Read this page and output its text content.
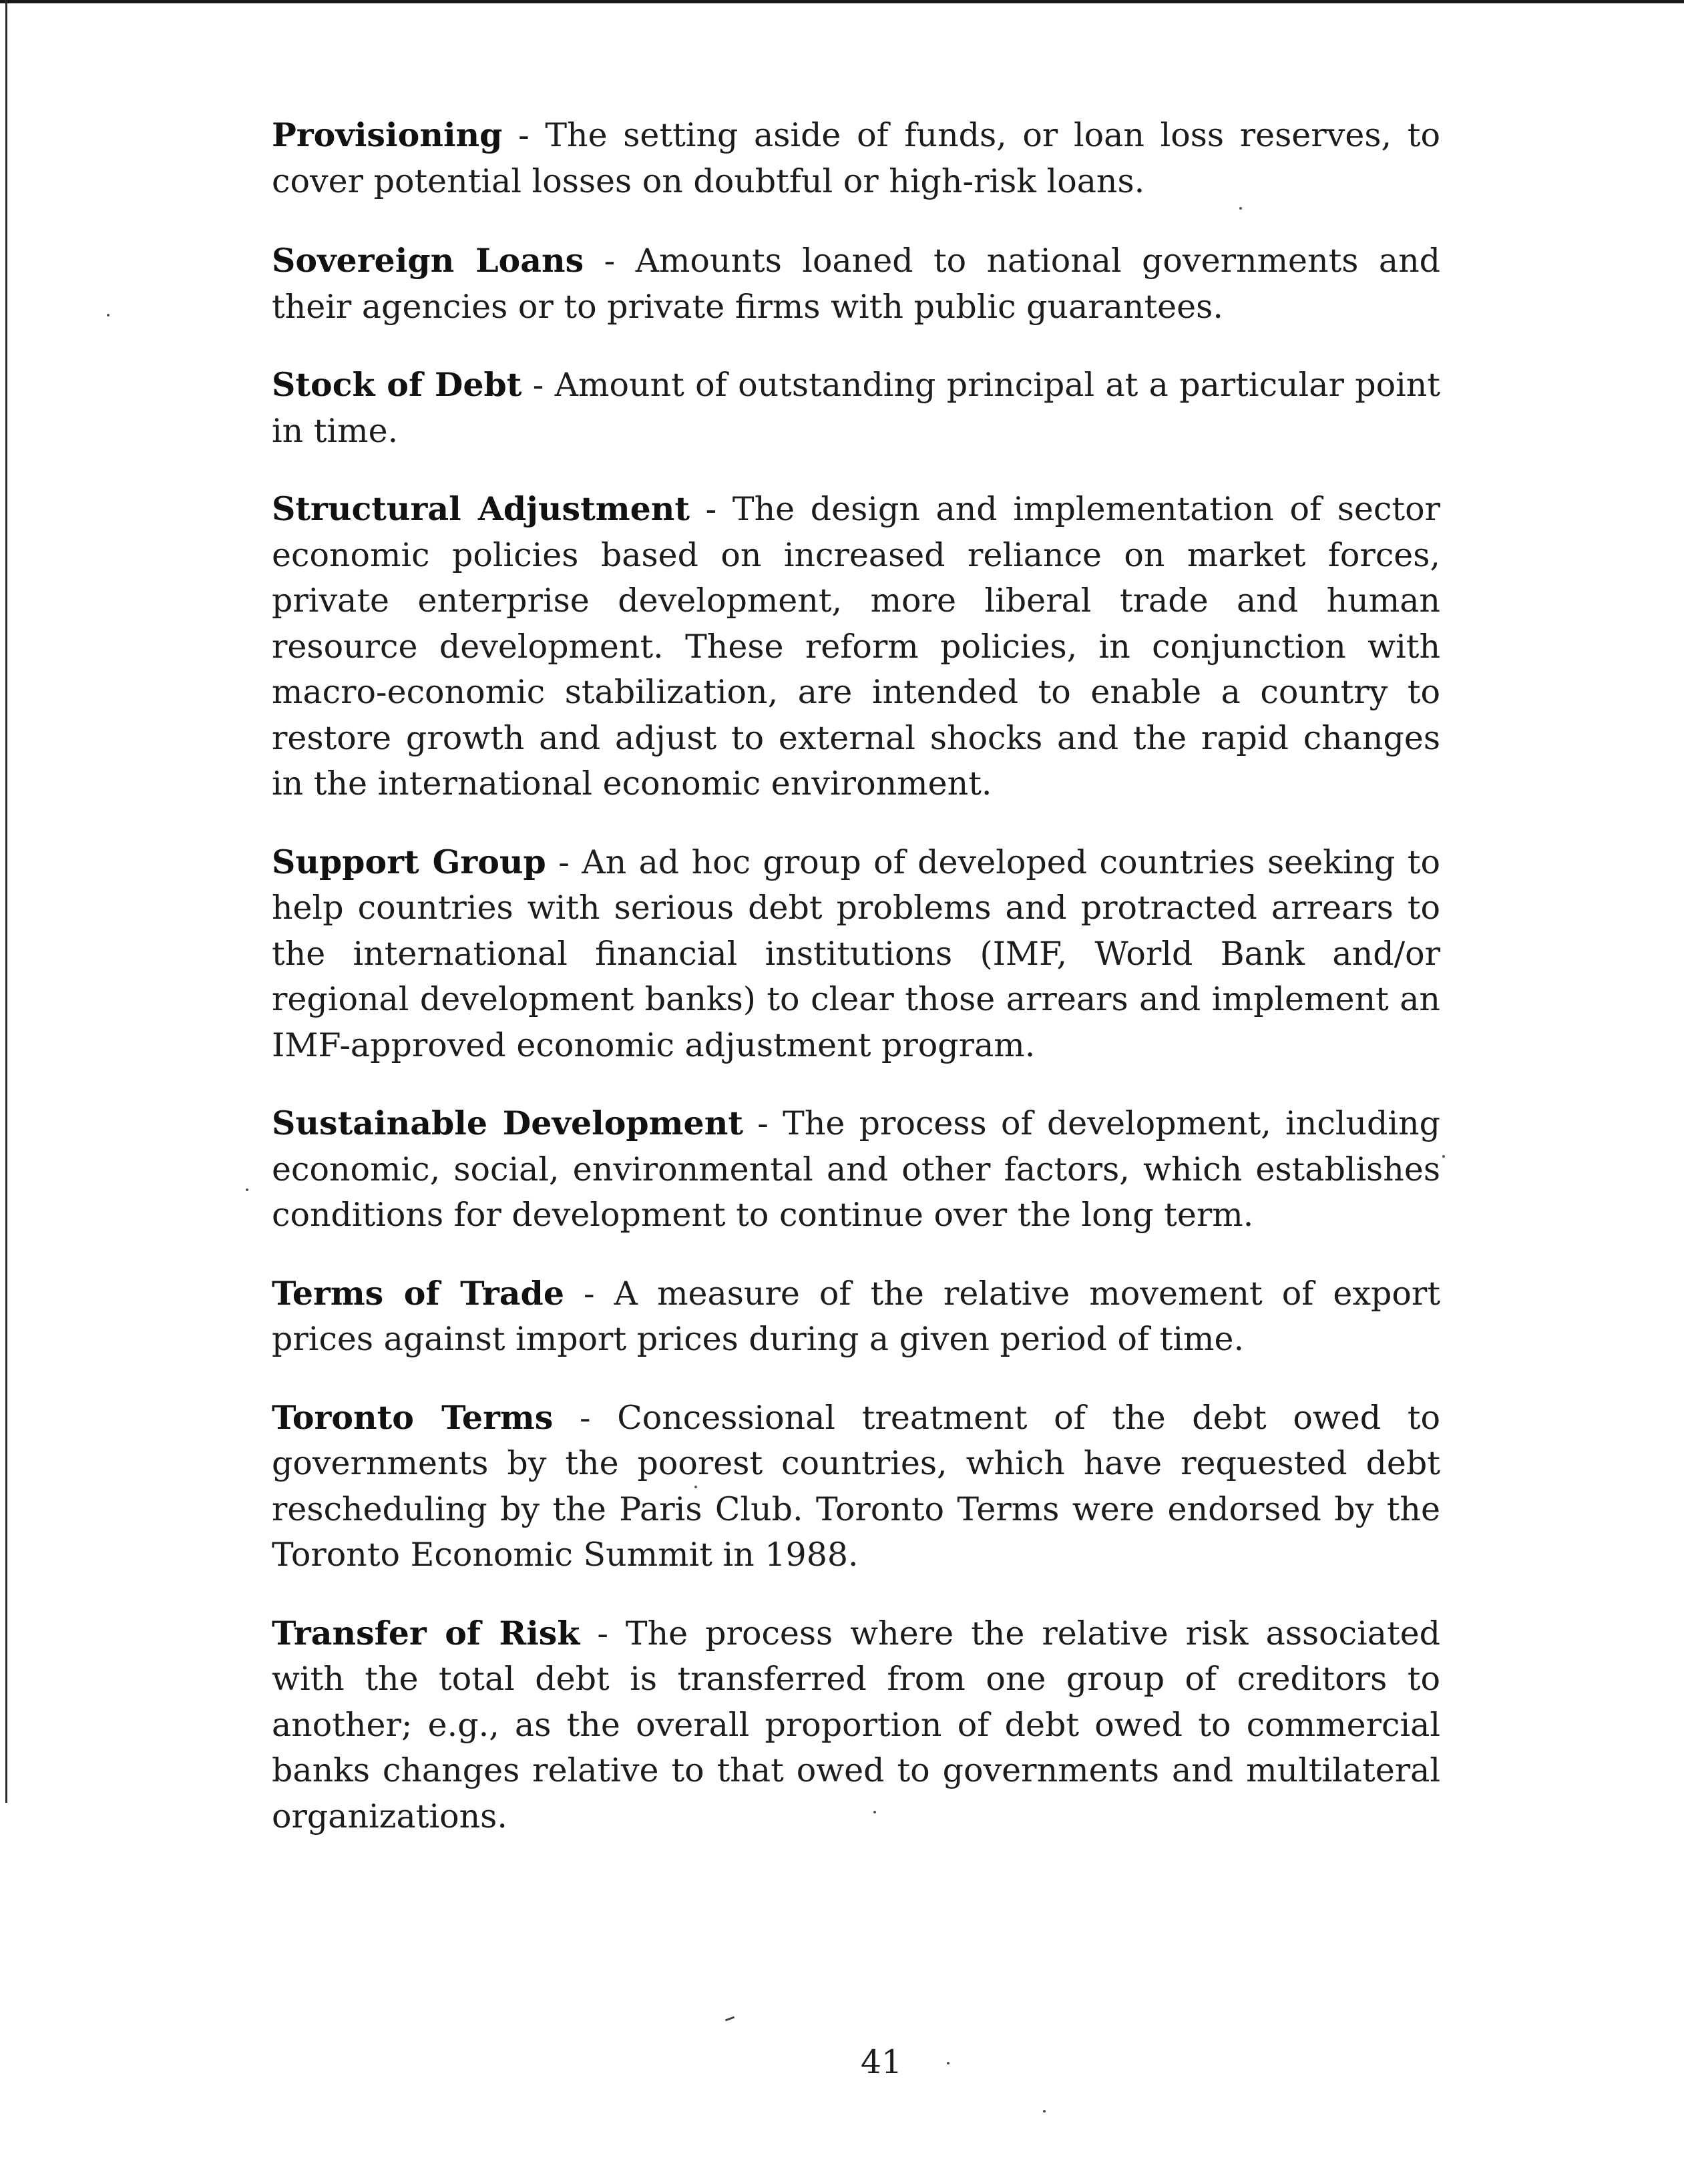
Provisioning - The setting aside of funds, or loan loss reserves, to cover potential losses on doubtful or high-risk loans.

Sovereign Loans - Amounts loaned to national governments and their agencies or to private firms with public guarantees.

Stock of Debt - Amount of outstanding principal at a particular point in time.

Structural Adjustment - The design and implementation of sector economic policies based on increased reliance on market forces, private enterprise development, more liberal trade and human resource development. These reform policies, in conjunction with macro-economic stabilization, are intended to enable a country to restore growth and adjust to external shocks and the rapid changes in the international economic environment.

Support Group - An ad hoc group of developed countries seeking to help countries with serious debt problems and protracted arrears to the international financial institutions (IMF, World Bank and/or regional development banks) to clear those arrears and implement an IMF-approved economic adjustment program.

Sustainable Development - The process of development, including economic, social, environmental and other factors, which establishes conditions for development to continue over the long term.

Terms of Trade - A measure of the relative movement of export prices against import prices during a given period of time.

Toronto Terms - Concessional treatment of the debt owed to governments by the poorest countries, which have requested debt rescheduling by the Paris Club. Toronto Terms were endorsed by the Toronto Economic Summit in 1988.

Transfer of Risk - The process where the relative risk associated with the total debt is transferred from one group of creditors to another; e.g., as the overall proportion of debt owed to commercial banks changes relative to that owed to governments and multilateral organizations.

41
